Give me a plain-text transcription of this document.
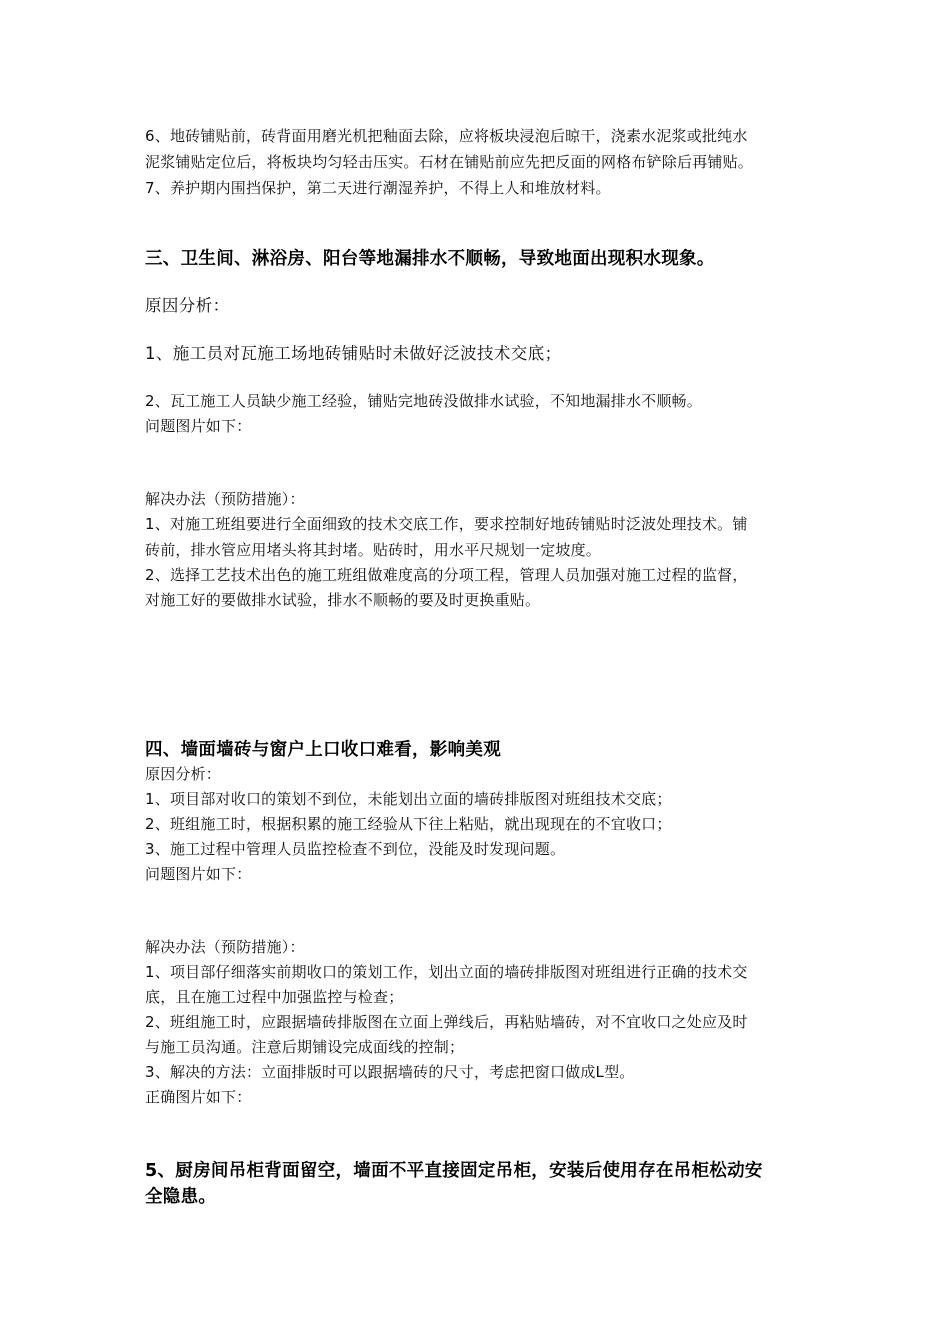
6、地砖铺贴前，砖背面用磨光机把釉面去除，应将板块浸泡后晾干，浇素水泥浆或批纯水
泥浆铺贴定位后，将板块均匀轻击压实。石材在铺贴前应先把反面的网格布铲除后再铺贴。
7、养护期内围挡保护，第二天进行潮湿养护，不得上人和堆放材料。
三、卫生间、淋浴房、阳台等地漏排水不顺畅，导致地面出现积水现象。
原因分析：
1、施工员对瓦施工场地砖铺贴时未做好泛波技术交底；
2、瓦工施工人员缺少施工经验，铺贴完地砖没做排水试验，不知地漏排水不顺畅。
问题图片如下：
解决办法（预防措施）：
1、对施工班组要进行全面细致的技术交底工作，要求控制好地砖铺贴时泛波处理技术。铺
砖前，排水管应用堵头将其封堵。贴砖时，用水平尺规划一定坡度。
2、选择工艺技术出色的施工班组做难度高的分项工程，管理人员加强对施工过程的监督，
对施工好的要做排水试验，排水不顺畅的要及时更换重贴。
四、墙面墙砖与窗户上口收口难看，影响美观
原因分析：
1、项目部对收口的策划不到位，未能划出立面的墙砖排版图对班组技术交底；
2、班组施工时，根据积累的施工经验从下往上粘贴，就出现现在的不宜收口；
3、施工过程中管理人员监控检查不到位，没能及时发现问题。
问题图片如下：
解决办法（预防措施）：
1、项目部仔细落实前期收口的策划工作，划出立面的墙砖排版图对班组进行正确的技术交
底，且在施工过程中加强监控与检查；
2、班组施工时，应跟据墙砖排版图在立面上弹线后，再粘贴墙砖，对不宜收口之处应及时
与施工员沟通。注意后期铺设完成面线的控制；
3、解决的方法：立面排版时可以跟据墙砖的尺寸，考虑把窗口做成L型。
正确图片如下：
5、厨房间吊柜背面留空，墙面不平直接固定吊柜，安装后使用存在吊柜松动安
全隐患。
